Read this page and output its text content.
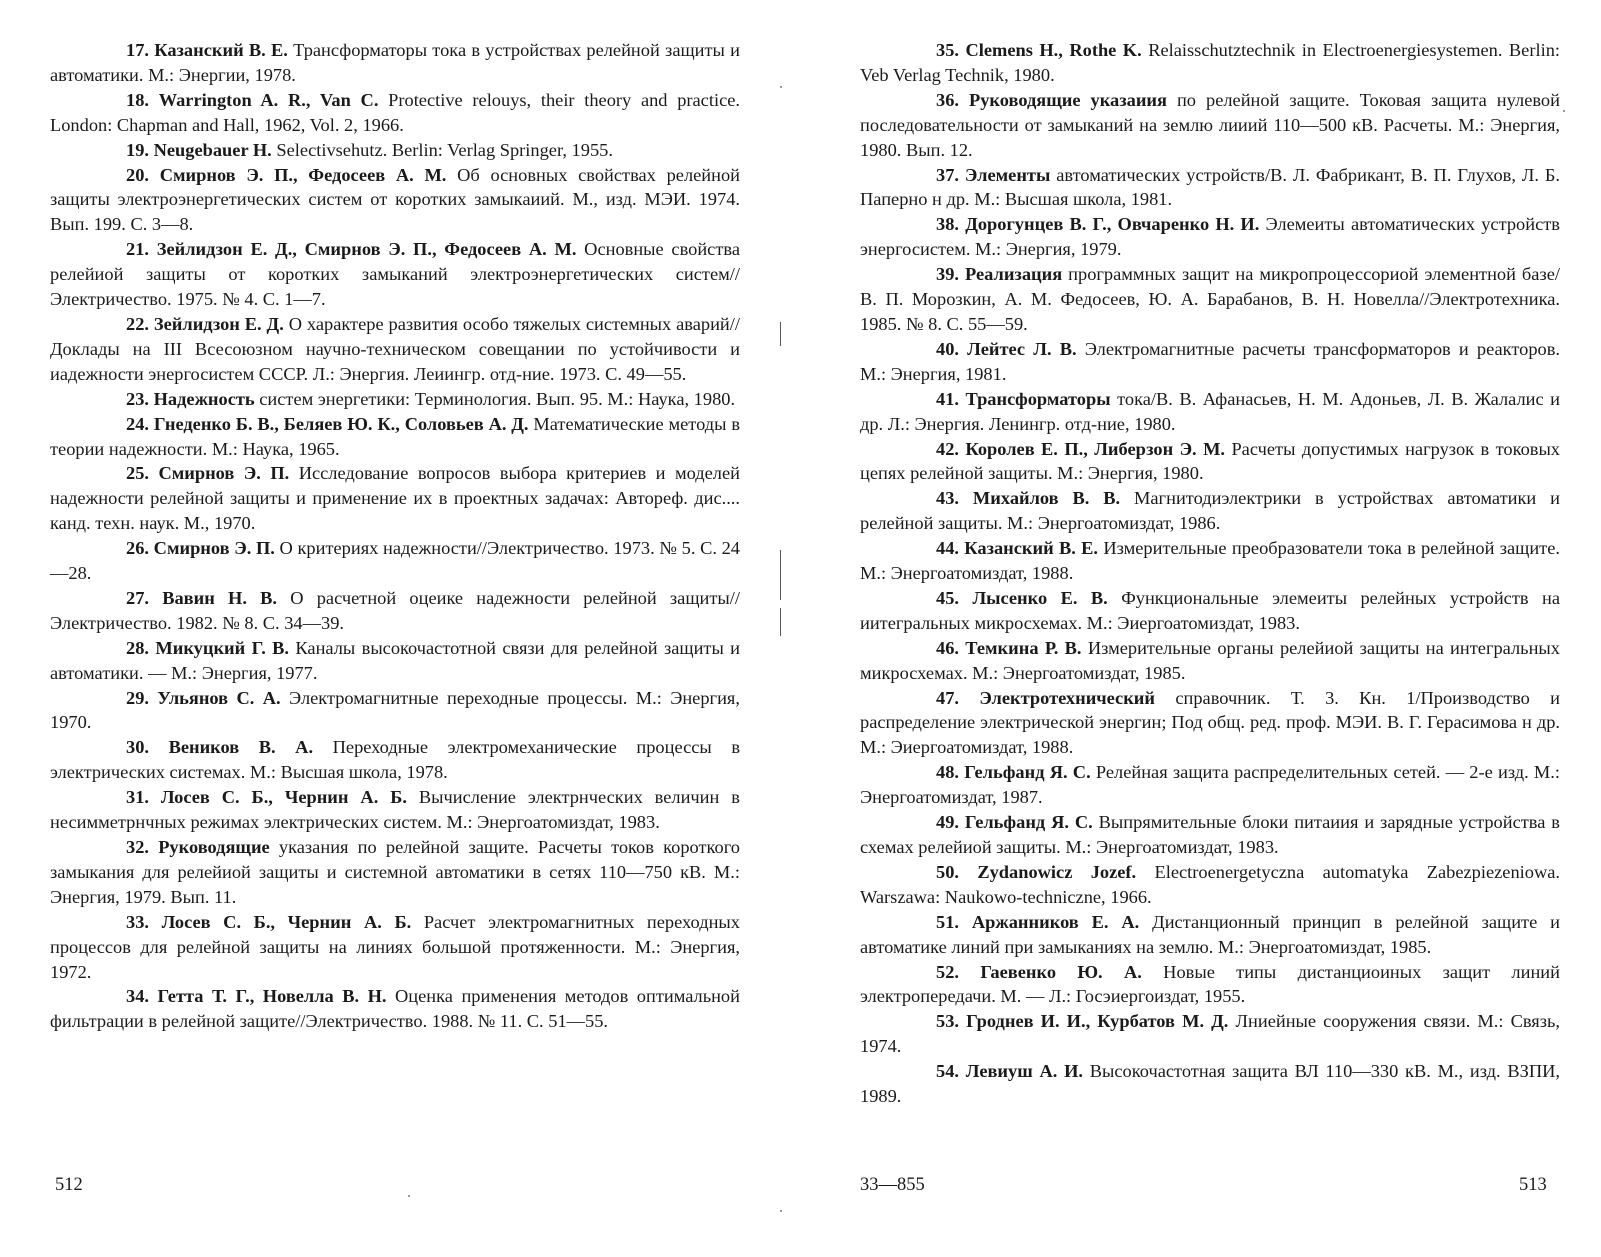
17. Казанский В. Е. Трансформаторы тока в устройствах релейной защиты и автоматики. М.: Энергии, 1978.

18. Warrington A. R., Van C. Protective relouys, their theory and practice. London: Chapman and Hall, 1962, Vol. 2, 1966.

19. Neugebauer H. Selectivsehutz. Berlin: Verlag Springer, 1955.

20. Смирнов Э. П., Федосеев А. М. Об основных свойствах релейной защиты электроэнергетических систем от коротких замыкаиий. М., изд. МЭИ. 1974. Вып. 199. С. 3—8.

21. Зейлидзон Е. Д., Смирнов Э. П., Федосеев А. М. Основные свойства релейиой защиты от коротких замыканий электроэнергетических систем//Электричество. 1975. № 4. С. 1—7.

22. Зейлидзон Е. Д. О характере развития особо тяжелых системных аварий//Доклады на III Всесоюзном научно-техническом совещании по устойчивости и иадежности энергосистем СССР. Л.: Энергия. Леиингр. отд-ние. 1973. С. 49—55.

23. Надежность систем энергетики: Терминология. Вып. 95. М.: Наука, 1980.

24. Гнеденко Б. В., Беляев Ю. К., Соловьев А. Д. Математические методы в теории надежности. М.: Наука, 1965.

25. Смирнов Э. П. Исследование вопросов выбора критериев и моделей надежности релейной защиты и применение их в проектных задачах: Автореф. дис.... канд. техн. наук. М., 1970.

26. Смирнов Э. П. О критериях надежности//Электричество. 1973. № 5. С. 24—28.

27. Вавин Н. В. О расчетной оцеике надежности релейной защиты//Электричество. 1982. № 8. С. 34—39.

28. Микуцкий Г. В. Каналы высокочастотной связи для релейной защиты и автоматики. — М.: Энергия, 1977.

29. Ульянов С. А. Электромагнитные переходные процессы. М.: Энергия, 1970.

30. Веников В. А. Переходные электромеханические процессы в электрических системах. М.: Высшая школа, 1978.

31. Лосев С. Б., Чернин А. Б. Вычисление электрнческих величин в несимметрнчных режимах электрических систем. М.: Энергоатомиздат, 1983.

32. Руководящие указания по релейной защите. Расчеты токов короткого замыкания для релейиой защиты и системной автоматики в сетях 110—750 кВ. М.: Энергия, 1979. Вып. 11.

33. Лосев С. Б., Чернин А. Б. Расчет электромагнитных переходных процессов для релейной защиты на линиях большой протяженности. М.: Энергия, 1972.

34. Гетта Т. Г., Новелла В. Н. Оценка применения методов оптимальной фильтрации в релейной защите//Электричество. 1988. № 11. С. 51—55.

35. Clemens H., Rothe K. Relaisschutztechnik in Electroenergiesystemen. Berlin: Veb Verlag Technik, 1980.

36. Руководящие указаиия по релейной защите. Токовая защита нулевой последовательности от замыканий на землю лииий 110—500 кВ. Расчеты. М.: Энергия, 1980. Вып. 12.

37. Элементы автоматических устройств/В. Л. Фабрикант, В. П. Глухов, Л. Б. Паперно н др. М.: Высшая школа, 1981.

38. Дорогунцев В. Г., Овчаренко Н. И. Элемеиты автоматических устройств энергосистем. М.: Энергия, 1979.

39. Реализация программных защит на микропроцессориой элементной базе/В. П. Морозкин, А. М. Федосеев, Ю. А. Барабанов, В. Н. Новелла//Электротехника. 1985. № 8. С. 55—59.

40. Лейтес Л. В. Электромагнитные расчеты трансформаторов и реакторов. М.: Энергия, 1981.

41. Трансформаторы тока/В. В. Афанасьев, Н. М. Адоньев, Л. В. Жалалис и др. Л.: Энергия. Ленингр. отд-ние, 1980.

42. Королев Е. П., Либерзон Э. М. Расчеты допустимых нагрузок в токовых цепях релейной защиты. М.: Энергия, 1980.

43. Михайлов В. В. Магнитодиэлектрики в устройствах автоматики и релейной защиты. М.: Энергоатомиздат, 1986.

44. Казанский В. Е. Измерительные преобразователи тока в релейной защите. М.: Энергоатомиздат, 1988.

45. Лысенко Е. В. Функциональные элемеиты релейных устройств на иитегральных микросхемах. М.: Эиергоатомиздат, 1983.

46. Темкина Р. В. Измерительные органы релейиой защиты на интегральных микросхемах. М.: Энергоатомиздат, 1985.

47. Электротехнический справочник. Т. 3. Кн. 1/Производство и распределение электрической энергин; Под общ. ред. проф. МЭИ. В. Г. Герасимова н др. М.: Эиергоатомиздат, 1988.

48. Гельфанд Я. С. Релейная защита распределительных сетей. — 2-е изд. М.: Энергоатомиздат, 1987.

49. Гельфанд Я. С. Выпрямительные блоки питаиия и зарядные устройства в схемах релейиой защиты. М.: Энергоатомиздат, 1983.

50. Zydanowicz Jozef. Electroenergetyczna automatyka Zabezpiezeniowa. Warszawa: Naukowo-techniczne, 1966.

51. Аржанников Е. А. Дистанционный принцип в релейной защите и автоматике линий при замыканиях на землю. М.: Энергоатомиздат, 1985.

52. Гаевенко Ю. А. Новые типы дистанциоиных защит линий электропередачи. М. — Л.: Госэиергоиздат, 1955.

53. Гроднев И. И., Курбатов М. Д. Лниейные сооружения связи. М.: Связь, 1974.

54. Левиуш А. И. Высокочастотная защита ВЛ 110—330 кВ. М., изд. ВЗПИ, 1989.

512	33—855	513
